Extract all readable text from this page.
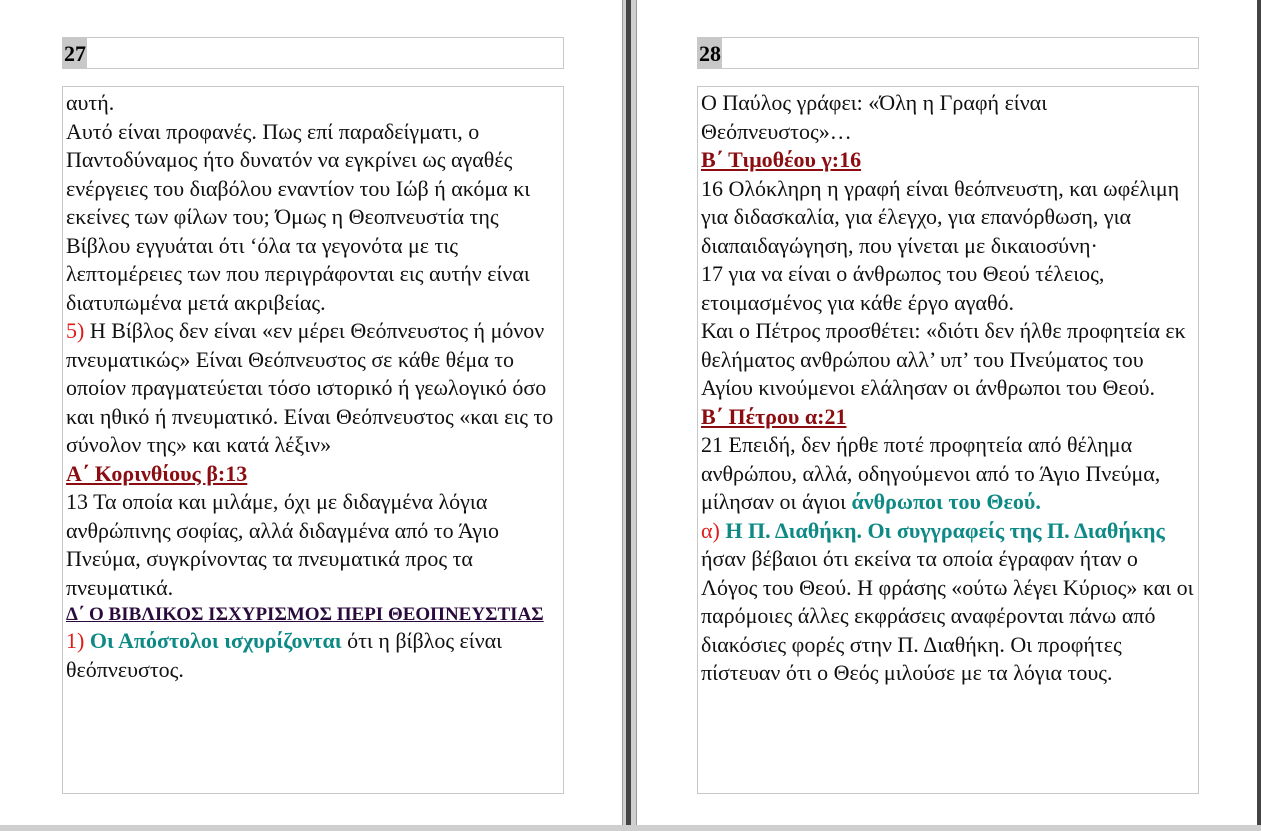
27

αυτή.

Αυτό είναι προφανές. Πως επί παραδείγματι, ο Παντοδύναμος ήτο δυνατόν να εγκρίνει ως αγαθές ενέργειες του διαβόλου εναντίον του Ιώβ ή ακόμα κι εκείνες των φίλων του; Όμως η Θεοπνευστία της Βίβλου εγγυάται ότι ‘όλα τα γεγονότα με τις λεπτομέρειες των που περιγράφονται εις αυτήν είναι διατυπωμένα μετά ακριβείας.

5) Η Βίβλος δεν είναι «εν μέρει Θεόπνευστος ή μόνον πνευματικώς» Είναι Θεόπνευστος σε κάθε θέμα το οποίον πραγματεύεται τόσο ιστορικό ή γεωλογικό όσο και ηθικό ή πνευματικό. Είναι Θεόπνευστος «και εις το σύνολον της» και κατά λέξιν»

Α΄ Κορινθίους β:13

13 Τα οποία και μιλάμε, όχι με διδαγμένα λόγια ανθρώπινης σοφίας, αλλά διδαγμένα από το Άγιο Πνεύμα, συγκρίνοντας τα πνευματικά προς τα πνευματικά.

Δ΄ Ο ΒΙΒΛΙΚΟΣ ΙΣΧΥΡΙΣΜΟΣ ΠΕΡΙ ΘΕΟΠΝΕΥΣΤΙΑΣ

1) Οι Απόστολοι ισχυρίζονται ότι η βίβλος είναι θεόπνευστος.

28

Ο Παύλος γράφει: «Όλη η Γραφή είναι Θεόπνευστος»…

Β΄ Τιμοθέου γ:16

16 Ολόκληρη η γραφή είναι θεόπνευστη, και ωφέλιμη για διδασκαλία, για έλεγχο, για επανόρθωση, για διαπαιδαγώγηση, που γίνεται με δικαιοσύνη·

17 για να είναι ο άνθρωπος του Θεού τέλειος, ετοιμασμένος για κάθε έργο αγαθό.

Και ο Πέτρος προσθέτει: «διότι δεν ήλθε προφητεία εκ θελήματος ανθρώπου αλλ’ υπ’ του Πνεύματος του Αγίου κινούμενοι ελάλησαν οι άνθρωποι του Θεού.

Β΄ Πέτρου α:21

21 Επειδή, δεν ήρθε ποτέ προφητεία από θέλημα ανθρώπου, αλλά, οδηγούμενοι από το Άγιο Πνεύμα, μίλησαν οι άγιοι άνθρωποι του Θεού.

α) Η Π. Διαθήκη. Οι συγγραφείς της Π. Διαθήκης ήσαν βέβαιοι ότι εκείνα τα οποία έγραφαν ήταν ο Λόγος του Θεού. Η φράσης «ούτω λέγει Κύριος» και οι παρόμοιες άλλες εκφράσεις αναφέρονται πάνω από διακόσιες φορές στην Π. Διαθήκη. Οι προφήτες πίστευαν ότι ο Θεός μιλούσε με τα λόγια τους.
